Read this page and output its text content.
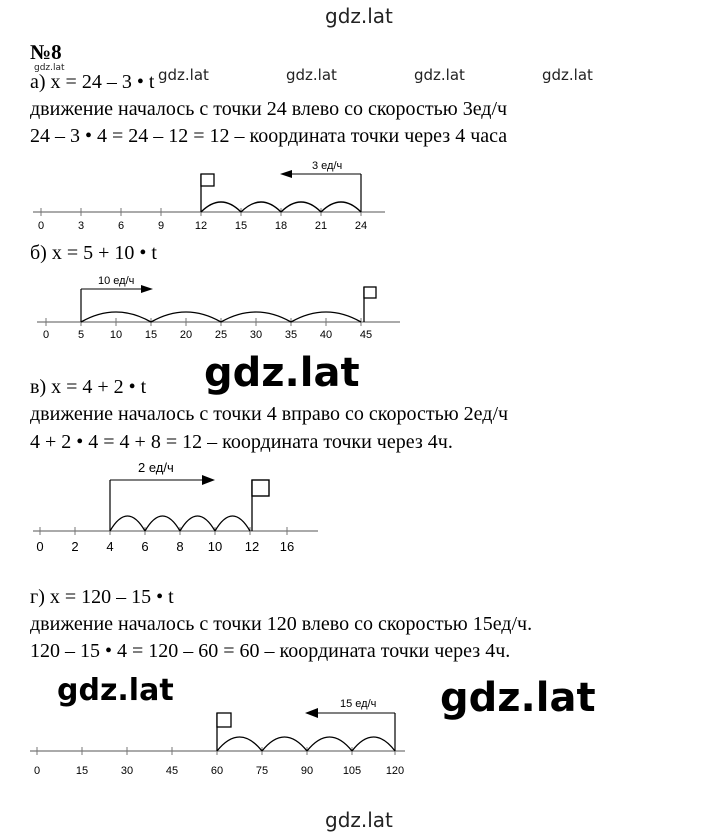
gdz.lat
№8
gdz.lat
а) x = 24 – 3 • t gdz.lat	gdz.lat	gdz.lat	gdz.lat
движение началось с точки 24 влево со скоростью 3ед/ч
24 – 3 • 4 = 24 – 12 = 12 – координата точки через 4 часа
0	3	6	9	12	15	18	21	24
3 ед/ч
б) x = 5 + 10 • t
0	5 10 15 20 25 30 35 40	45
10 ед/ч
gdz.lat
в) x = 4 + 2 • t
движение началось с точки 4 вправо со скоростью 2ед/ч
4 + 2 • 4 = 4 + 8 = 12 – координата точки через 4ч.
0 2 4 6 8 10 12 16
2 ед/ч
г) x = 120 – 15 • t
движение началось с точки 120 влево со скоростью 15ед/ч.
120 – 15 • 4 = 120 – 60 = 60 – координата точки через 4ч.
gdz.lat	gdz.lat
0	15	30	45	60	75	90	105 120
15 ед/ч
gdz.lat
